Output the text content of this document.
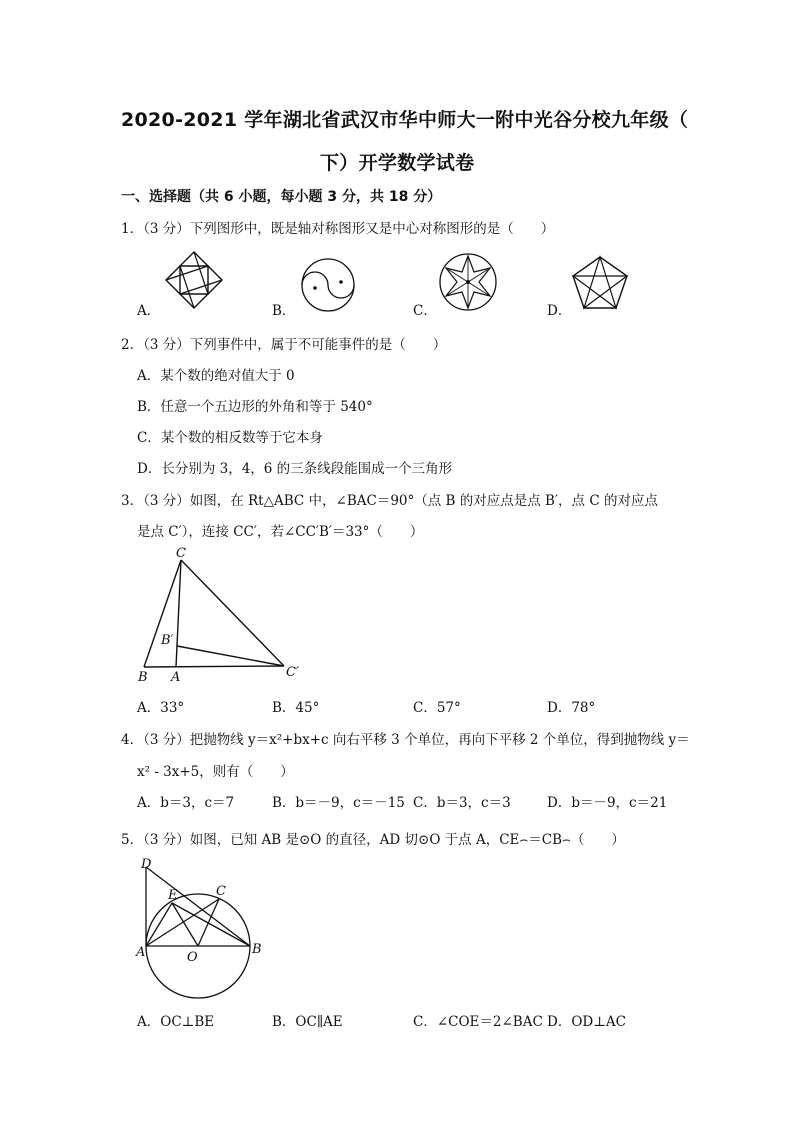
2020-2021 学年湖北省武汉市华中师大一附中光谷分校九年级（
下）开学数学试卷
一、选择题（共 6 小题，每小题 3 分，共 18 分）
1．（3 分）下列图形中，既是轴对称图形又是中心对称图形的是（　　）
A．	B．	C．	D．
2．（3 分）下列事件中，属于不可能事件的是（　　）
A．某个数的绝对值大于 0
B．任意一个五边形的外角和等于 540°
C．某个数的相反数等于它本身
D．长分别为 3，4，6 的三条线段能围成一个三角形
3．（3 分）如图，在 Rt△ABC 中，∠BAC＝90°（点 B 的对应点是点 B′，点 C 的对应点
是点 C′），连接 CC′，若∠CC′B′＝33°（　　）
C
B′
B A	C′
A．33°	B．45°	C．57°	D．78°
4．（3 分）把抛物线 y＝x²+bx+c 向右平移 3 个单位，再向下平移 2 个单位，得到抛物线 y＝
x² - 3x+5，则有（　　）
A．b＝3，c＝7	B．b＝－9，c＝－15 C．b＝3，c＝3	D．b＝－9，c＝21
5．（3 分）如图，已知 AB 是⊙O 的直径，AD 切⊙O 于点 A，CE⌢＝CB⌢（　　）
D
E	C
A	O
B
A．OC⊥BE	B．OC∥AE	C．∠COE＝2∠BAC D．OD⊥AC
